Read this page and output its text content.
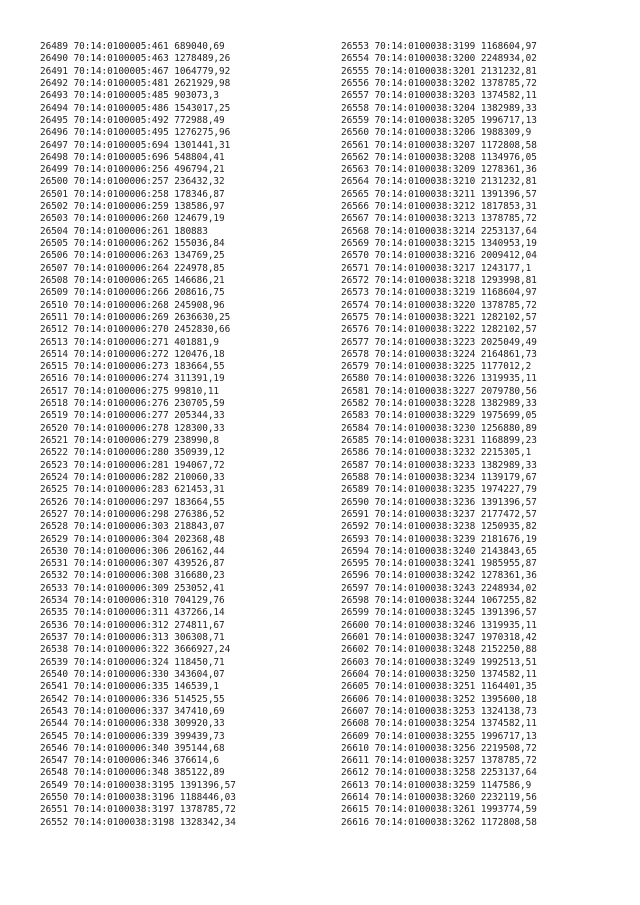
26489 70:14:0100005:461 689040,69
26490 70:14:0100005:463 1278489,26
26491 70:14:0100005:467 1064779,92
26492 70:14:0100005:481 2621929,98
26493 70:14:0100005:485 903073,3
26494 70:14:0100005:486 1543017,25
26495 70:14:0100005:492 772988,49
26496 70:14:0100005:495 1276275,96
26497 70:14:0100005:694 1301441,31
26498 70:14:0100005:696 548804,41
26499 70:14:0100006:256 496794,21
26500 70:14:0100006:257 236432,32
26501 70:14:0100006:258 178346,87
26502 70:14:0100006:259 138586,97
26503 70:14:0100006:260 124679,19
26504 70:14:0100006:261 180883
26505 70:14:0100006:262 155036,84
26506 70:14:0100006:263 134769,25
26507 70:14:0100006:264 224978,85
26508 70:14:0100006:265 146686,21
26509 70:14:0100006:266 208616,75
26510 70:14:0100006:268 245908,96
26511 70:14:0100006:269 2636630,25
26512 70:14:0100006:270 2452830,66
26513 70:14:0100006:271 401881,9
26514 70:14:0100006:272 120476,18
26515 70:14:0100006:273 183664,55
26516 70:14:0100006:274 311391,19
26517 70:14:0100006:275 99810,11
26518 70:14:0100006:276 230705,59
26519 70:14:0100006:277 205344,33
26520 70:14:0100006:278 128300,33
26521 70:14:0100006:279 238990,8
26522 70:14:0100006:280 350939,12
26523 70:14:0100006:281 194067,72
26524 70:14:0100006:282 210060,33
26525 70:14:0100006:283 621453,31
26526 70:14:0100006:297 183664,55
26527 70:14:0100006:298 276386,52
26528 70:14:0100006:303 218843,07
26529 70:14:0100006:304 202368,48
26530 70:14:0100006:306 206162,44
26531 70:14:0100006:307 439526,87
26532 70:14:0100006:308 316680,23
26533 70:14:0100006:309 253052,41
26534 70:14:0100006:310 704129,76
26535 70:14:0100006:311 437266,14
26536 70:14:0100006:312 274811,67
26537 70:14:0100006:313 306308,71
26538 70:14:0100006:322 3666927,24
26539 70:14:0100006:324 118450,71
26540 70:14:0100006:330 343604,07
26541 70:14:0100006:335 146539,1
26542 70:14:0100006:336 514525,55
26543 70:14:0100006:337 347410,69
26544 70:14:0100006:338 309920,33
26545 70:14:0100006:339 399439,73
26546 70:14:0100006:340 395144,68
26547 70:14:0100006:346 376614,6
26548 70:14:0100006:348 385122,89
26549 70:14:0100038:3195 1391396,57
26550 70:14:0100038:3196 1188446,03
26551 70:14:0100038:3197 1378785,72
26552 70:14:0100038:3198 1328342,34
26553 70:14:0100038:3199 1168604,97
26554 70:14:0100038:3200 2248934,02
26555 70:14:0100038:3201 2131232,81
26556 70:14:0100038:3202 1378785,72
26557 70:14:0100038:3203 1374582,11
26558 70:14:0100038:3204 1382989,33
26559 70:14:0100038:3205 1996717,13
26560 70:14:0100038:3206 1988309,9
26561 70:14:0100038:3207 1172808,58
26562 70:14:0100038:3208 1134976,05
26563 70:14:0100038:3209 1278361,36
26564 70:14:0100038:3210 2131232,81
26565 70:14:0100038:3211 1391396,57
26566 70:14:0100038:3212 1817853,31
26567 70:14:0100038:3213 1378785,72
26568 70:14:0100038:3214 2253137,64
26569 70:14:0100038:3215 1340953,19
26570 70:14:0100038:3216 2009412,04
26571 70:14:0100038:3217 1243177,1
26572 70:14:0100038:3218 1293998,81
26573 70:14:0100038:3219 1168604,97
26574 70:14:0100038:3220 1378785,72
26575 70:14:0100038:3221 1282102,57
26576 70:14:0100038:3222 1282102,57
26577 70:14:0100038:3223 2025049,49
26578 70:14:0100038:3224 2164861,73
26579 70:14:0100038:3225 1177012,2
26580 70:14:0100038:3226 1319935,11
26581 70:14:0100038:3227 2079780,56
26582 70:14:0100038:3228 1382989,33
26583 70:14:0100038:3229 1975699,05
26584 70:14:0100038:3230 1256880,89
26585 70:14:0100038:3231 1168899,23
26586 70:14:0100038:3232 2215305,1
26587 70:14:0100038:3233 1382989,33
26588 70:14:0100038:3234 1139179,67
26589 70:14:0100038:3235 1974227,79
26590 70:14:0100038:3236 1391396,57
26591 70:14:0100038:3237 2177472,57
26592 70:14:0100038:3238 1250935,82
26593 70:14:0100038:3239 2181676,19
26594 70:14:0100038:3240 2143843,65
26595 70:14:0100038:3241 1985955,87
26596 70:14:0100038:3242 1278361,36
26597 70:14:0100038:3243 2248934,02
26598 70:14:0100038:3244 1067255,82
26599 70:14:0100038:3245 1391396,57
26600 70:14:0100038:3246 1319935,11
26601 70:14:0100038:3247 1970318,42
26602 70:14:0100038:3248 2152250,88
26603 70:14:0100038:3249 1992513,51
26604 70:14:0100038:3250 1374582,11
26605 70:14:0100038:3251 1164401,35
26606 70:14:0100038:3252 1395600,18
26607 70:14:0100038:3253 1324138,73
26608 70:14:0100038:3254 1374582,11
26609 70:14:0100038:3255 1996717,13
26610 70:14:0100038:3256 2219508,72
26611 70:14:0100038:3257 1378785,72
26612 70:14:0100038:3258 2253137,64
26613 70:14:0100038:3259 1147586,9
26614 70:14:0100038:3260 2232119,56
26615 70:14:0100038:3261 1993774,59
26616 70:14:0100038:3262 1172808,58
